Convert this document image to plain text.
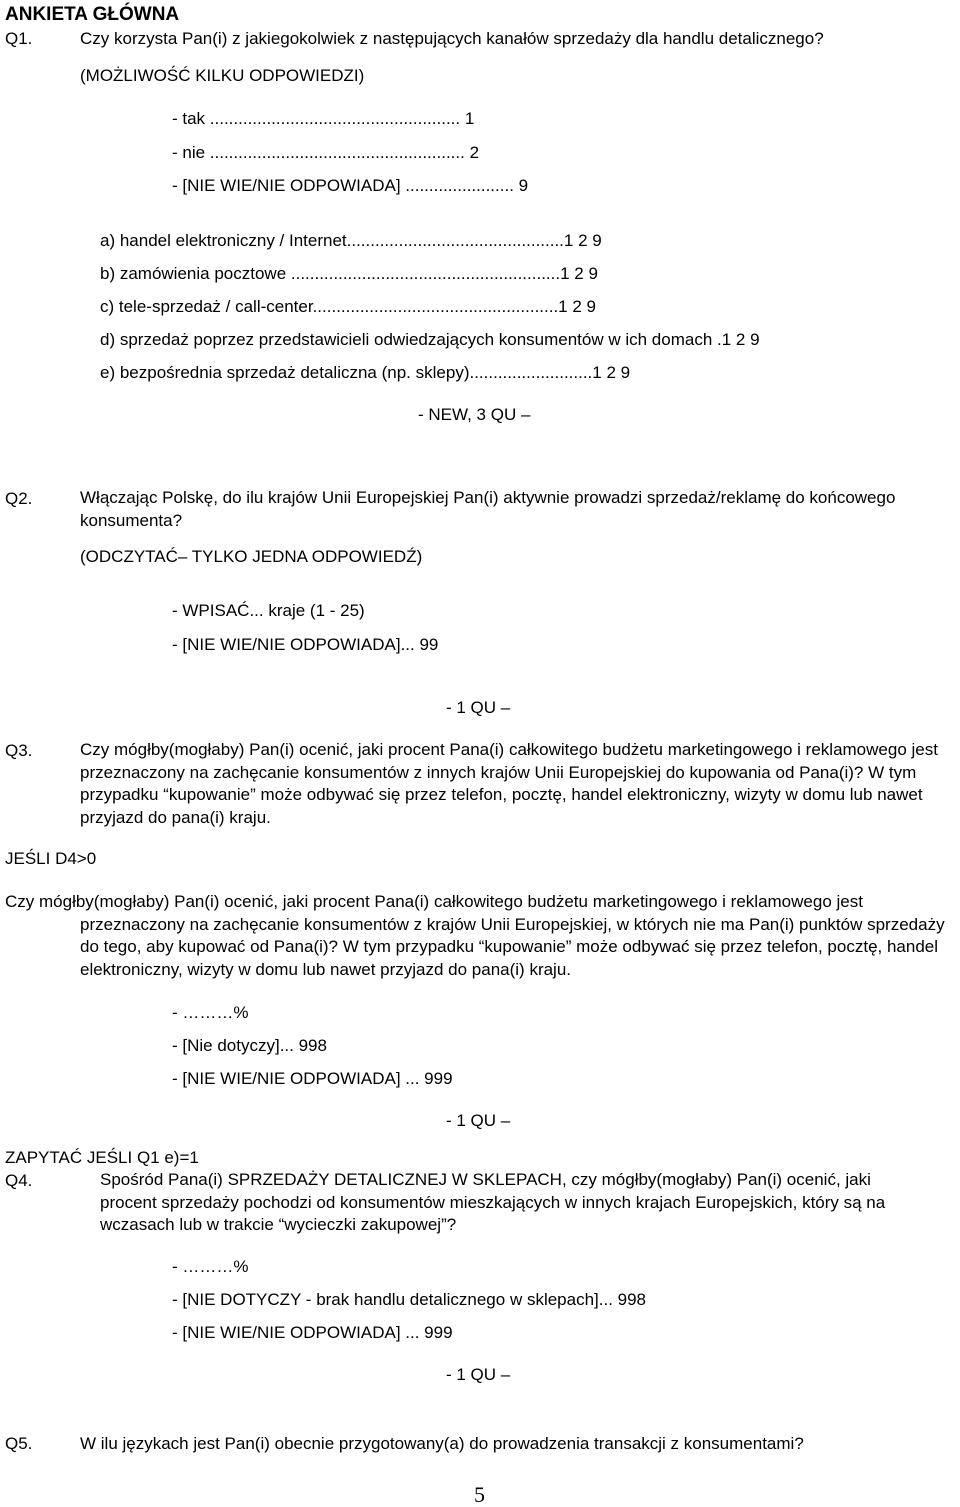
ANKIETA GŁÓWNA
Q1.	Czy korzysta Pan(i) z jakiegokolwiek z następujących kanałów sprzedaży dla handlu detalicznego?
(MOŻLIWOŚĆ KILKU ODPOWIEDZI)
- tak ..................................................... 1
- nie ...................................................... 2
- [NIE WIE/NIE ODPOWIADA] ....................... 9
a) handel elektroniczny / Internet..............................................1 2 9
b) zamówienia pocztowe .........................................................1 2 9
c) tele-sprzedaż / call-center....................................................1 2 9
d) sprzedaż poprzez przedstawicieli odwiedzających konsumentów w ich domach .1 2 9
e) bezpośrednia sprzedaż detaliczna (np. sklepy)..........................1 2 9
- NEW, 3 QU –
Q2.	Włączając Polskę, do ilu krajów Unii Europejskiej Pan(i) aktywnie prowadzi sprzedaż/reklamę do końcowego konsumenta?
(ODCZYTAĆ– TYLKO JEDNA ODPOWIEDŹ)
- WPISAĆ... kraje (1 - 25)
- [NIE WIE/NIE ODPOWIADA]... 99
- 1 QU –
Q3.	Czy mógłby(mogłaby) Pan(i) ocenić, jaki procent Pana(i) całkowitego budżetu marketingowego i reklamowego jest przeznaczony na zachęcanie konsumentów z innych krajów Unii Europejskiej do kupowania od Pana(i)? W tym przypadku “kupowanie” może odbywać się przez telefon, pocztę, handel elektroniczny, wizyty w domu lub nawet przyjazd do pana(i) kraju.
JEŚLI D4>0
Czy mógłby(mogłaby) Pan(i) ocenić, jaki procent Pana(i) całkowitego budżetu marketingowego i reklamowego jest przeznaczony na zachęcanie konsumentów z krajów Unii Europejskiej, w których nie ma Pan(i) punktów sprzedaży do tego, aby kupować od Pana(i)? W tym przypadku “kupowanie” może odbywać się przez telefon, pocztę, handel elektroniczny, wizyty w domu lub nawet przyjazd do pana(i) kraju.
- ………%
- [Nie dotyczy]... 998
- [NIE WIE/NIE ODPOWIADA] ... 999
- 1 QU –
ZAPYTAĆ JEŚLI Q1 e)=1
Q4.	Spośród Pana(i) SPRZEDAŻY DETALICZNEJ W SKLEPACH, czy mógłby(mogłaby) Pan(i) ocenić, jaki procent sprzedaży pochodzi od konsumentów mieszkających w innych krajach Europejskich, który są na wczasach lub w trakcie “wycieczki zakupowej”?
- ………%
- [NIE DOTYCZY - brak handlu detalicznego w sklepach]... 998
- [NIE WIE/NIE ODPOWIADA] ... 999
- 1 QU –
Q5.	W ilu językach jest Pan(i) obecnie przygotowany(a) do prowadzenia transakcji z konsumentami?
5
